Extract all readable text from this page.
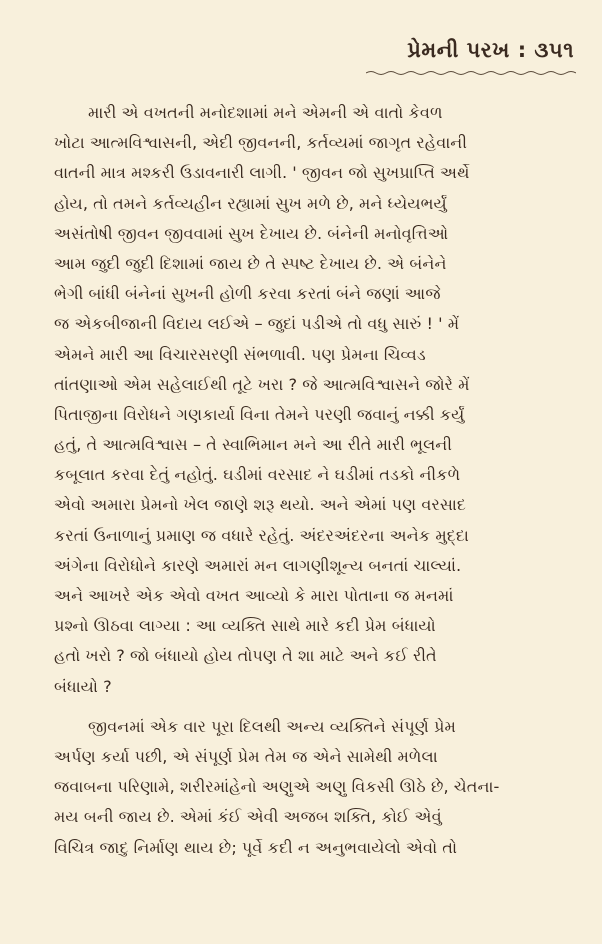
પ્રેમની પરખ : ૩૫૧
મારી એ વખતની મનોદશામાં મને એમની એ વાતો કેવળ
ખોટા આત્મવિશ્વાસની, એદી જીવનની, કર્તવ્યમાં જાગૃત રહેવાની
વાતની માત્ર મશ્કરી ઉડાવનારી લાગી. ' જીવન જો સુખપ્રાપ્તિ અર્થે
હોય, તો તમને કર્તવ્યહીન રહ્યામાં સુખ મળે છે, મને ધ્યેયભર્યું
અસંતોષી જીવન જીવવામાં સુખ દેખાય છે. બંનેની મનોવૃત્તિઓ
આમ જુદી જુદી દિશામાં જાય છે તે સ્પષ્ટ દેખાય છે. એ બંનેને
ભેગી બાંધી બંનેનાં સુખની હોળી કરવા કરતાં બંને જણાં આજે
જ એકબીજાની વિદાય લઈએ – જુદાં પડીએ તો વધુ સારું ! ' મેં
એમને મારી આ વિચારસરણી સંભળાવી. પણ પ્રેમના ચિવ્વડ
તાંતણાઓ એમ સહેલાઈથી તૂટે ખરા ? જે આત્મવિશ્વાસને જોરે મેં
પિતાજીના વિરોધને ગણકાર્યા વિના તેમને પરણી જવાનું નક્કી કર્યું
હતું, તે આત્મવિશ્વાસ – તે સ્વાભિમાન મને આ રીતે મારી ભૂલની
કબૂલાત કરવા દેતું નહોતું. ઘડીમાં વરસાદ ને ઘડીમાં તડકો નીકળે
એવો અમારા પ્રેમનો ખેલ જાણે શરૂ થયો. અને એમાં પણ વરસાદ
કરતાં ઉનાળાનું પ્રમાણ જ વધારે રહેતું. અંદરઅંદરના અનેક મુદ્દા
અંગેના વિરોધોને કારણે અમારાં મન લાગણીશૂન્ય બનતાં ચાલ્યાં.
અને આખરે એક એવો વખત આવ્યો કે મારા પોતાના જ મનમાં
પ્રશ્નો ઊઠવા લાગ્યા : આ વ્યક્તિ સાથે મારે કદી પ્રેમ બંધાયો
હતો ખરો ? જો બંધાયો હોય તોપણ તે શા માટે અને કઈ રીતે
બંધાયો ?
જીવનમાં એક વાર પૂરા દિલથી અન્ય વ્યક્તિને સંપૂર્ણ પ્રેમ
અર્પણ કર્યા પછી, એ સંપૂર્ણ પ્રેમ તેમ જ એને સામેથી મળેલા
જવાબના પરિણામે, શરીરમાંહેનો અણુએ અણુ વિકસી ઊઠે છે, ચેતના-
મય બની જાય છે. એમાં કંઈ એવી અજબ શક્તિ, કોઈ એવું
વિચિત્ર જાદુ નિર્માણ થાય છે; પૂર્વે કદી ન અનુભવાયેલો એવો તો
